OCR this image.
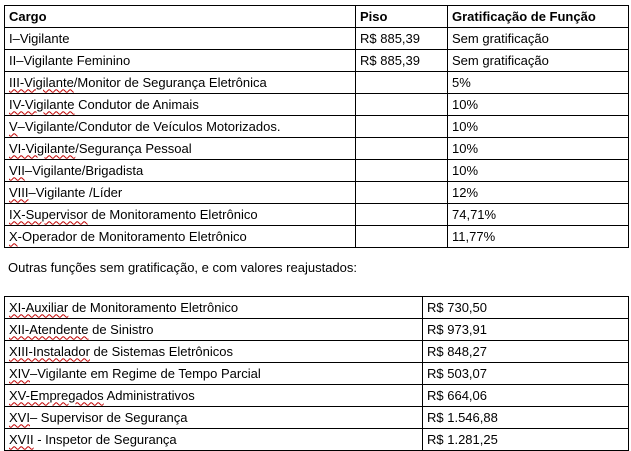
Cargo	Piso	Gratificação de Função
I–Vigilante	R$ 885,39	Sem gratificação
II–Vigilante Feminino	R$ 885,39	Sem gratificação
III-Vigilante/Monitor de Segurança Eletrônica		5%
IV-Vigilante Condutor de Animais		10%
V–Vigilante/Condutor de Veículos Motorizados.		10%
VI-Vigilante/Segurança Pessoal		10%
VII–Vigilante/Brigadista		10%
VIII–Vigilante /Líder		12%
IX-Supervisor de Monitoramento Eletrônico		74,71%
X-Operador de Monitoramento Eletrônico		11,77%
Outras funções sem gratificação, e com valores reajustados:
XI-Auxiliar de Monitoramento Eletrônico	R$ 730,50
XII-Atendente de Sinistro	R$ 973,91
XIII-Instalador de Sistemas Eletrônicos	R$ 848,27
XIV–Vigilante em Regime de Tempo Parcial	R$ 503,07
XV-Empregados Administrativos	R$ 664,06
XVI– Supervisor de Segurança	R$ 1.546,88
XVII - Inspetor de Segurança	R$ 1.281,25
